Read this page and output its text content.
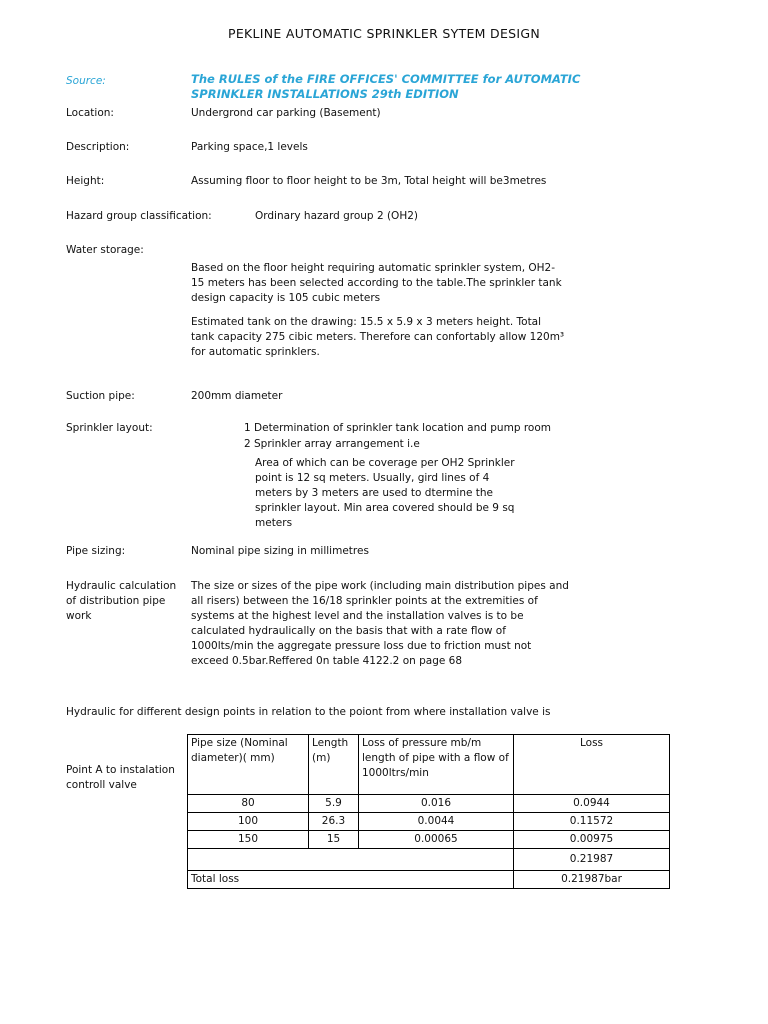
PEKLINE AUTOMATIC SPRINKLER SYTEM DESIGN
Source:	The RULES of the FIRE OFFICES' COMMITTEE for AUTOMATIC
SPRINKLER INSTALLATIONS 29th EDITION
Location:	Undergrond car parking (Basement)
Description:	Parking space,1 levels
Height:	Assuming floor to floor height to be 3m, Total height will be3metres
Hazard group classification:	Ordinary hazard group 2 (OH2)
Water storage:
Based on the floor height requiring automatic sprinkler system, OH2-
15 meters has been selected according to the table.The sprinkler tank
design capacity is 105 cubic meters
Estimated tank on the drawing: 15.5 x 5.9 x 3 meters height. Total
tank capacity 275 cibic meters. Therefore can confortably allow 120m³
for automatic sprinklers.
Suction pipe:	200mm diameter
Sprinkler layout:	1 Determination of sprinkler tank location and pump room
2 Sprinkler array arrangement i.e
Area of which can be coverage per OH2 Sprinkler
point is 12 sq meters. Usually, gird lines of 4
meters by 3 meters are used to dtermine the
sprinkler layout. Min area covered should be 9 sq
meters
Pipe sizing:	Nominal pipe sizing in millimetres
Hydraulic calculation
of distribution pipe
work
The size or sizes of the pipe work (including main distribution pipes and
all risers) between the 16/18 sprinkler points at the extremities of
systems at the highest level and the installation valves is to be
calculated hydraulically on the basis that with a rate flow of
1000lts/min the aggregate pressure loss due to friction must not
exceed 0.5bar.Reffered 0n table 4122.2 on page 68
Hydraulic for different design points in relation to the poiont from where installation valve is
Point A to instalation
controll valve
Pipe size (Nominal diameter)( mm)	Length (m)	Loss of pressure mb/m length of pipe with a flow of 1000ltrs/min	Loss
80	5.9	0.016	0.0944
100	26.3	0.0044	0.11572
150	15	0.00065	0.00975
			0.21987
Total loss			0.21987bar
